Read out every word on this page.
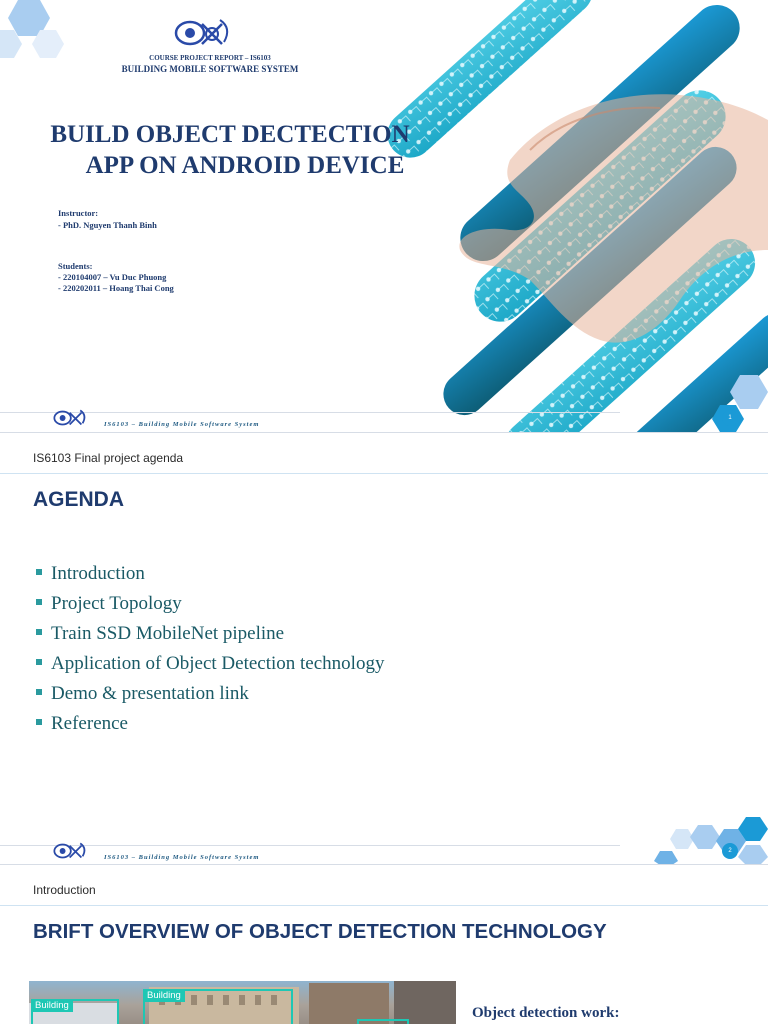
COURSE PROJECT REPORT – IS6103
BUILDING MOBILE SOFTWARE SYSTEM
BUILD OBJECT DECTECTION
APP ON ANDROID DEVICE
Instructor:
- PhD. Nguyen Thanh Binh
Students:
- 220104007 – Vu Duc Phuong
- 220202011 – Hoang Thai Cong
IS6103 – Building Mobile Software System
1
IS6103 Final project agenda
AGENDA
Introduction
Project Topology
Train SSD MobileNet pipeline
Application of Object Detection technology
Demo & presentation link
Reference
IS6103 – Building Mobile Software System
2
Introduction
BRIFT OVERVIEW OF OBJECT DETECTION TECHNOLOGY
Building
Building
Object detection work:
